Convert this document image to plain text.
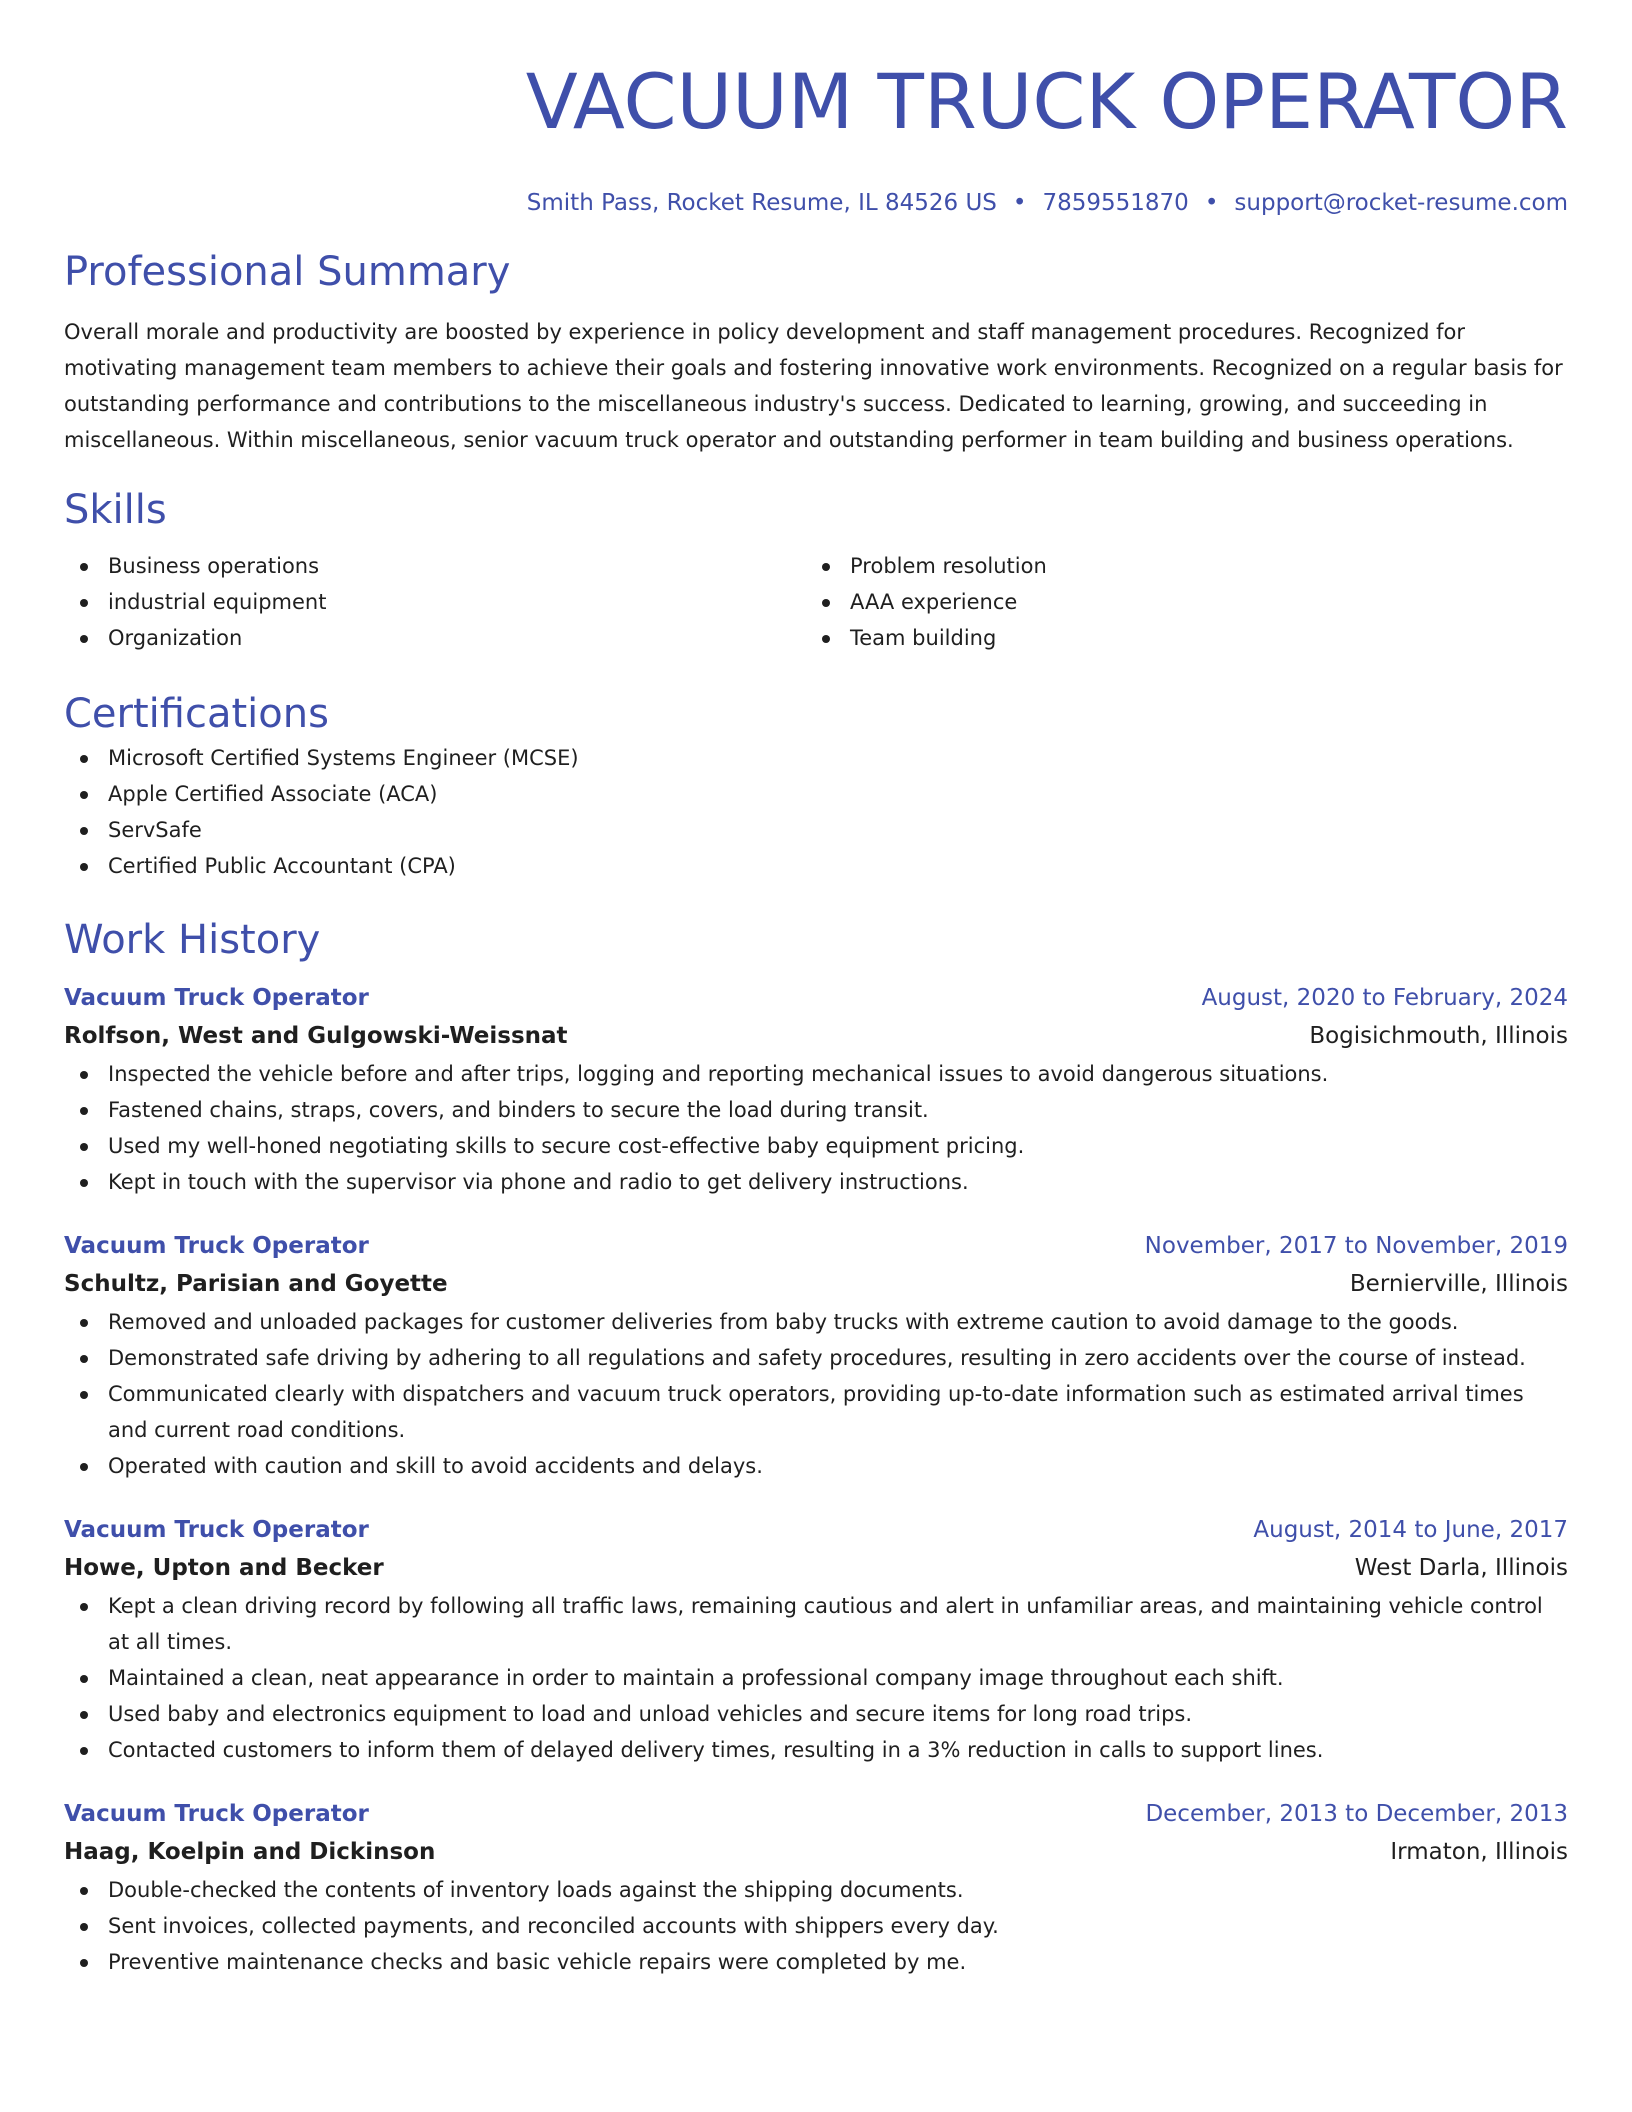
VACUUM TRUCK OPERATOR
Smith Pass, Rocket Resume, IL 84526 US • 7859551870 • support@rocket-resume.com
Professional Summary
Overall morale and productivity are boosted by experience in policy development and staff management procedures. Recognized for motivating management team members to achieve their goals and fostering innovative work environments. Recognized on a regular basis for outstanding performance and contributions to the miscellaneous industry's success. Dedicated to learning, growing, and succeeding in miscellaneous. Within miscellaneous, senior vacuum truck operator and outstanding performer in team building and business operations.
Skills
Business operations
industrial equipment
Organization
Problem resolution
AAA experience
Team building
Certifications
Microsoft Certified Systems Engineer (MCSE)
Apple Certified Associate (ACA)
ServSafe
Certified Public Accountant (CPA)
Work History
Vacuum Truck Operator	August, 2020 to February, 2024
Rolfson, West and Gulgowski-Weissnat	Bogisichmouth, Illinois
Inspected the vehicle before and after trips, logging and reporting mechanical issues to avoid dangerous situations.
Fastened chains, straps, covers, and binders to secure the load during transit.
Used my well-honed negotiating skills to secure cost-effective baby equipment pricing.
Kept in touch with the supervisor via phone and radio to get delivery instructions.
Vacuum Truck Operator	November, 2017 to November, 2019
Schultz, Parisian and Goyette	Bernierville, Illinois
Removed and unloaded packages for customer deliveries from baby trucks with extreme caution to avoid damage to the goods.
Demonstrated safe driving by adhering to all regulations and safety procedures, resulting in zero accidents over the course of instead.
Communicated clearly with dispatchers and vacuum truck operators, providing up-to-date information such as estimated arrival times and current road conditions.
Operated with caution and skill to avoid accidents and delays.
Vacuum Truck Operator	August, 2014 to June, 2017
Howe, Upton and Becker	West Darla, Illinois
Kept a clean driving record by following all traffic laws, remaining cautious and alert in unfamiliar areas, and maintaining vehicle control at all times.
Maintained a clean, neat appearance in order to maintain a professional company image throughout each shift.
Used baby and electronics equipment to load and unload vehicles and secure items for long road trips.
Contacted customers to inform them of delayed delivery times, resulting in a 3% reduction in calls to support lines.
Vacuum Truck Operator	December, 2013 to December, 2013
Haag, Koelpin and Dickinson	Irmaton, Illinois
Double-checked the contents of inventory loads against the shipping documents.
Sent invoices, collected payments, and reconciled accounts with shippers every day.
Preventive maintenance checks and basic vehicle repairs were completed by me.
